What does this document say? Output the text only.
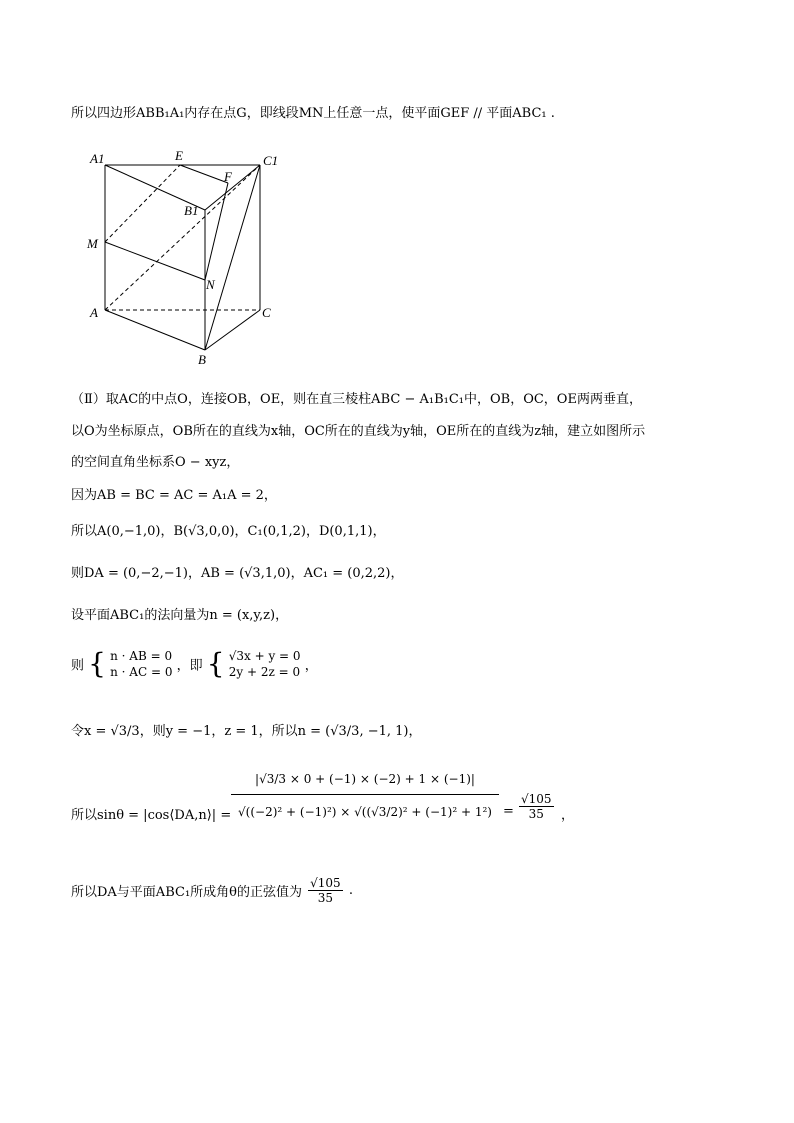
所以四边形ABB₁A₁内存在点G，即线段MN上任意一点，使平面GEF // 平面ABC₁ .
A1	E	C1
F
B1
M
N
A	C
B
（Ⅱ）取AC的中点O，连接OB，OE，则在直三棱柱ABC − A₁B₁C₁中，OB，OC，OE两两垂直，
以O为坐标原点，OB所在的直线为x轴，OC所在的直线为y轴，OE所在的直线为z轴，建立如图所示
的空间直角坐标系O − xyz，
因为AB = BC = AC = A₁A = 2，
所以A(0,−1,0)，B(√3,0,0)，C₁(0,1,2)，D(0,1,1)，
则DA = (0,−2,−1)，AB = (√3,1,0)，AC₁ = (0,2,2)，
设平面ABC₁的法向量为n = (x,y,z)，
则 { n · AB = 0
n · AC = 0 ，即 { √3x + y = 0
2y + 2z = 0 ，
令x = √3/3，则y = −1，z = 1，所以n = (√3/3, −1, 1)，
所以sinθ = |cos⟨DA,n⟩| = $\frac{|√3/3 \times 0 + (-1) \times (-2) + 1 \times (-1)|}{\text{√((−2)² + (−1)²) × √((√3/2)² + (−1)² + 1²)}} = \frac{√105}{35}$ ，
所以DA与平面ABC₁所成角θ的正弦值为 $\frac{√105}{35}$ .
